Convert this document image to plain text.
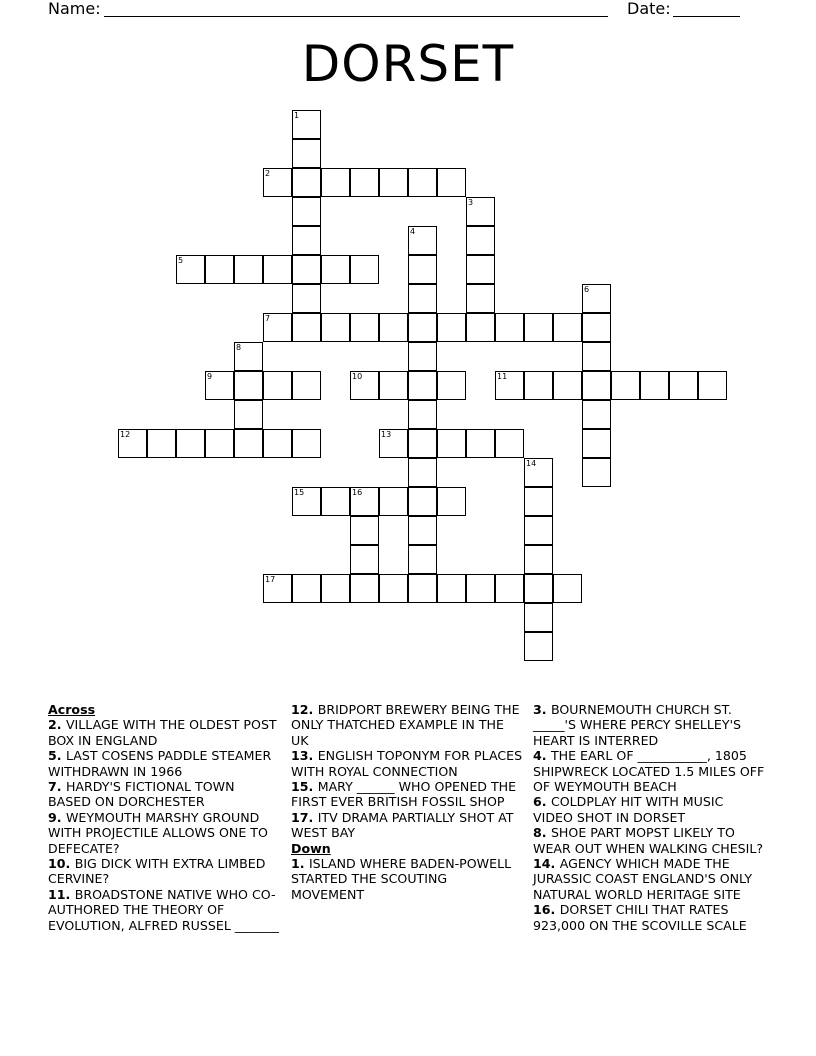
Name:	Date:
DORSET
1
2
3
4
5
6
7
8
9	10	11
12	13
14
15	16
17
Across

2. VILLAGE WITH THE OLDEST POST BOX IN ENGLAND

5. LAST COSENS PADDLE STEAMER WITHDRAWN IN 1966

7. HARDY'S FICTIONAL TOWN BASED ON DORCHESTER

9. WEYMOUTH MARSHY GROUND WITH PROJECTILE ALLOWS ONE TO DEFECATE?

10. BIG DICK WITH EXTRA LIMBED CERVINE?

11. BROADSTONE NATIVE WHO CO-AUTHORED THE THEORY OF EVOLUTION, ALFRED RUSSEL _______

12. BRIDPORT BREWERY BEING THE ONLY THATCHED EXAMPLE IN THE UK

13. ENGLISH TOPONYM FOR PLACES WITH ROYAL CONNECTION

15. MARY ______ WHO OPENED THE FIRST EVER BRITISH FOSSIL SHOP

17. ITV DRAMA PARTIALLY SHOT AT WEST BAY

Down

1. ISLAND WHERE BADEN-POWELL STARTED THE SCOUTING MOVEMENT

3. BOURNEMOUTH CHURCH ST. _____'S WHERE PERCY SHELLEY'S HEART IS INTERRED

4. THE EARL OF ___________, 1805 SHIPWRECK LOCATED 1.5 MILES OFF OF WEYMOUTH BEACH

6. COLDPLAY HIT WITH MUSIC VIDEO SHOT IN DORSET

8. SHOE PART MOPST LIKELY TO WEAR OUT WHEN WALKING CHESIL?

14. AGENCY WHICH MADE THE JURASSIC COAST ENGLAND'S ONLY NATURAL WORLD HERITAGE SITE

16. DORSET CHILI THAT RATES 923,000 ON THE SCOVILLE SCALE
